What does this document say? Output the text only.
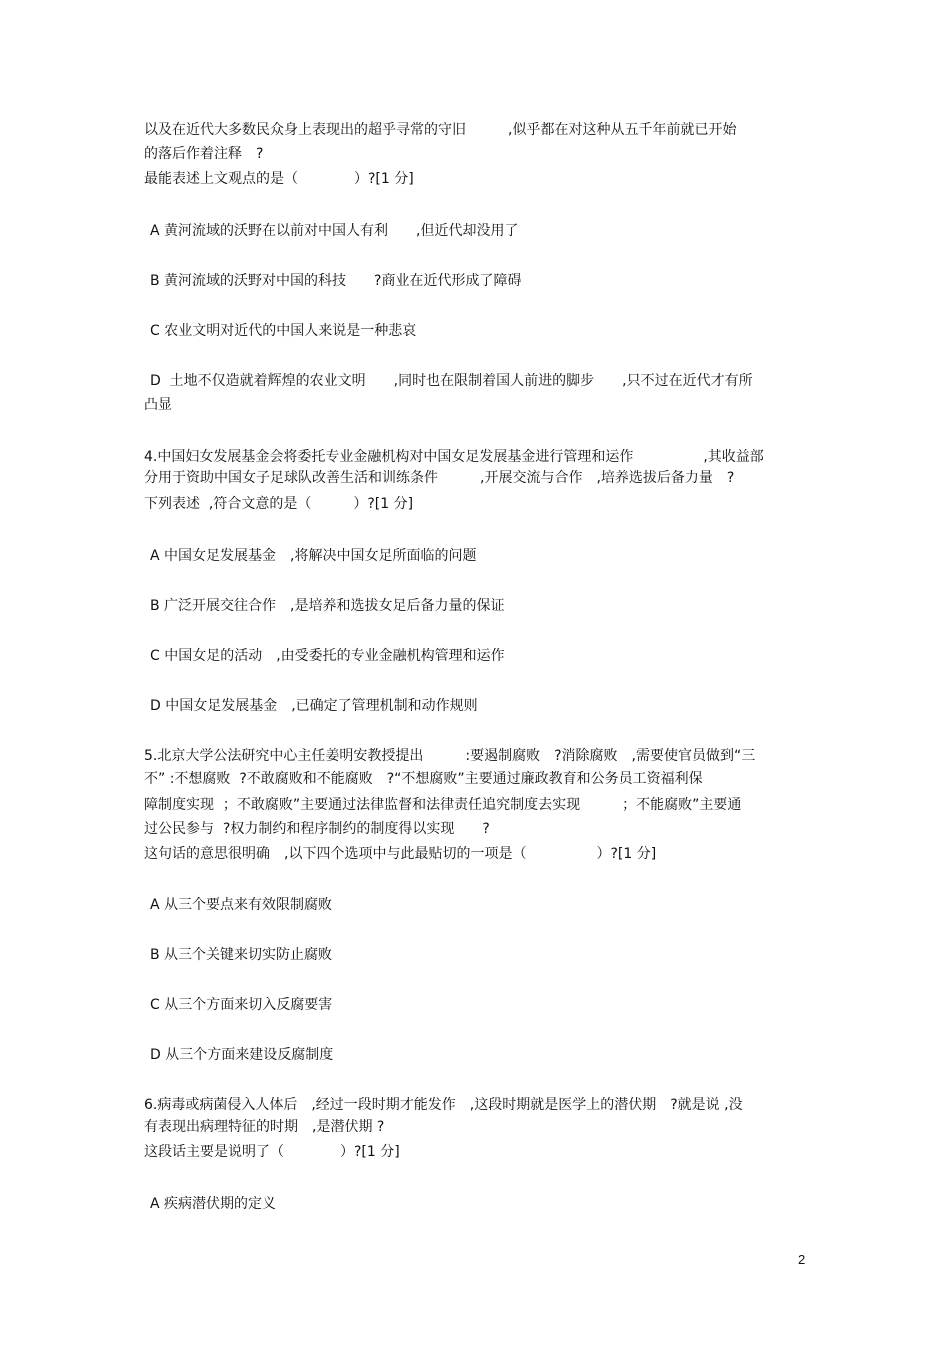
以及在近代大多数民众身上表现出的超乎寻常的守旧　　　,似乎都在对这种从五千年前就已开始
的落后作着注释　?
最能表述上文观点的是（　　　　）?[1 分]
A 黄河流域的沃野在以前对中国人有利　　,但近代却没用了
B 黄河流域的沃野对中国的科技　　?商业在近代形成了障碍
C 农业文明对近代的中国人来说是一种悲哀
D  土地不仅造就着辉煌的农业文明　　,同时也在限制着国人前进的脚步　　,只不过在近代才有所
凸显
4.中国妇女发展基金会将委托专业金融机构对中国女足发展基金进行管理和运作　　　　　,其收益部
分用于资助中国女子足球队改善生活和训练条件　　　,开展交流与合作　,培养选拔后备力量　?
下列表述  ,符合文意的是（　　　）?[1 分]
A 中国女足发展基金　,将解决中国女足所面临的问题
B 广泛开展交往合作　,是培养和选拔女足后备力量的保证
C 中国女足的活动　,由受委托的专业金融机构管理和运作
D 中国女足发展基金　,已确定了管理机制和动作规则
5.北京大学公法研究中心主任姜明安教授提出　　　:要遏制腐败　?消除腐败　,需要使官员做到“三
不” :不想腐败  ?不敢腐败和不能腐败　?“不想腐败”主要通过廉政教育和公务员工资福利保
障制度实现  ；不敢腐败”主要通过法律监督和法律责任追究制度去实现　　　；不能腐败”主要通
过公民参与  ?权力制约和程序制约的制度得以实现　　?
这句话的意思很明确　,以下四个选项中与此最贴切的一项是（　　　　　）?[1 分]
A 从三个要点来有效限制腐败
B 从三个关键来切实防止腐败
C 从三个方面来切入反腐要害
D 从三个方面来建设反腐制度
6.病毒或病菌侵入人体后　,经过一段时期才能发作　,这段时期就是医学上的潜伏期　?就是说 ,没
有表现出病理特征的时期　,是潜伏期 ?
这段话主要是说明了（　　　　）?[1 分]
A 疾病潜伏期的定义
2
